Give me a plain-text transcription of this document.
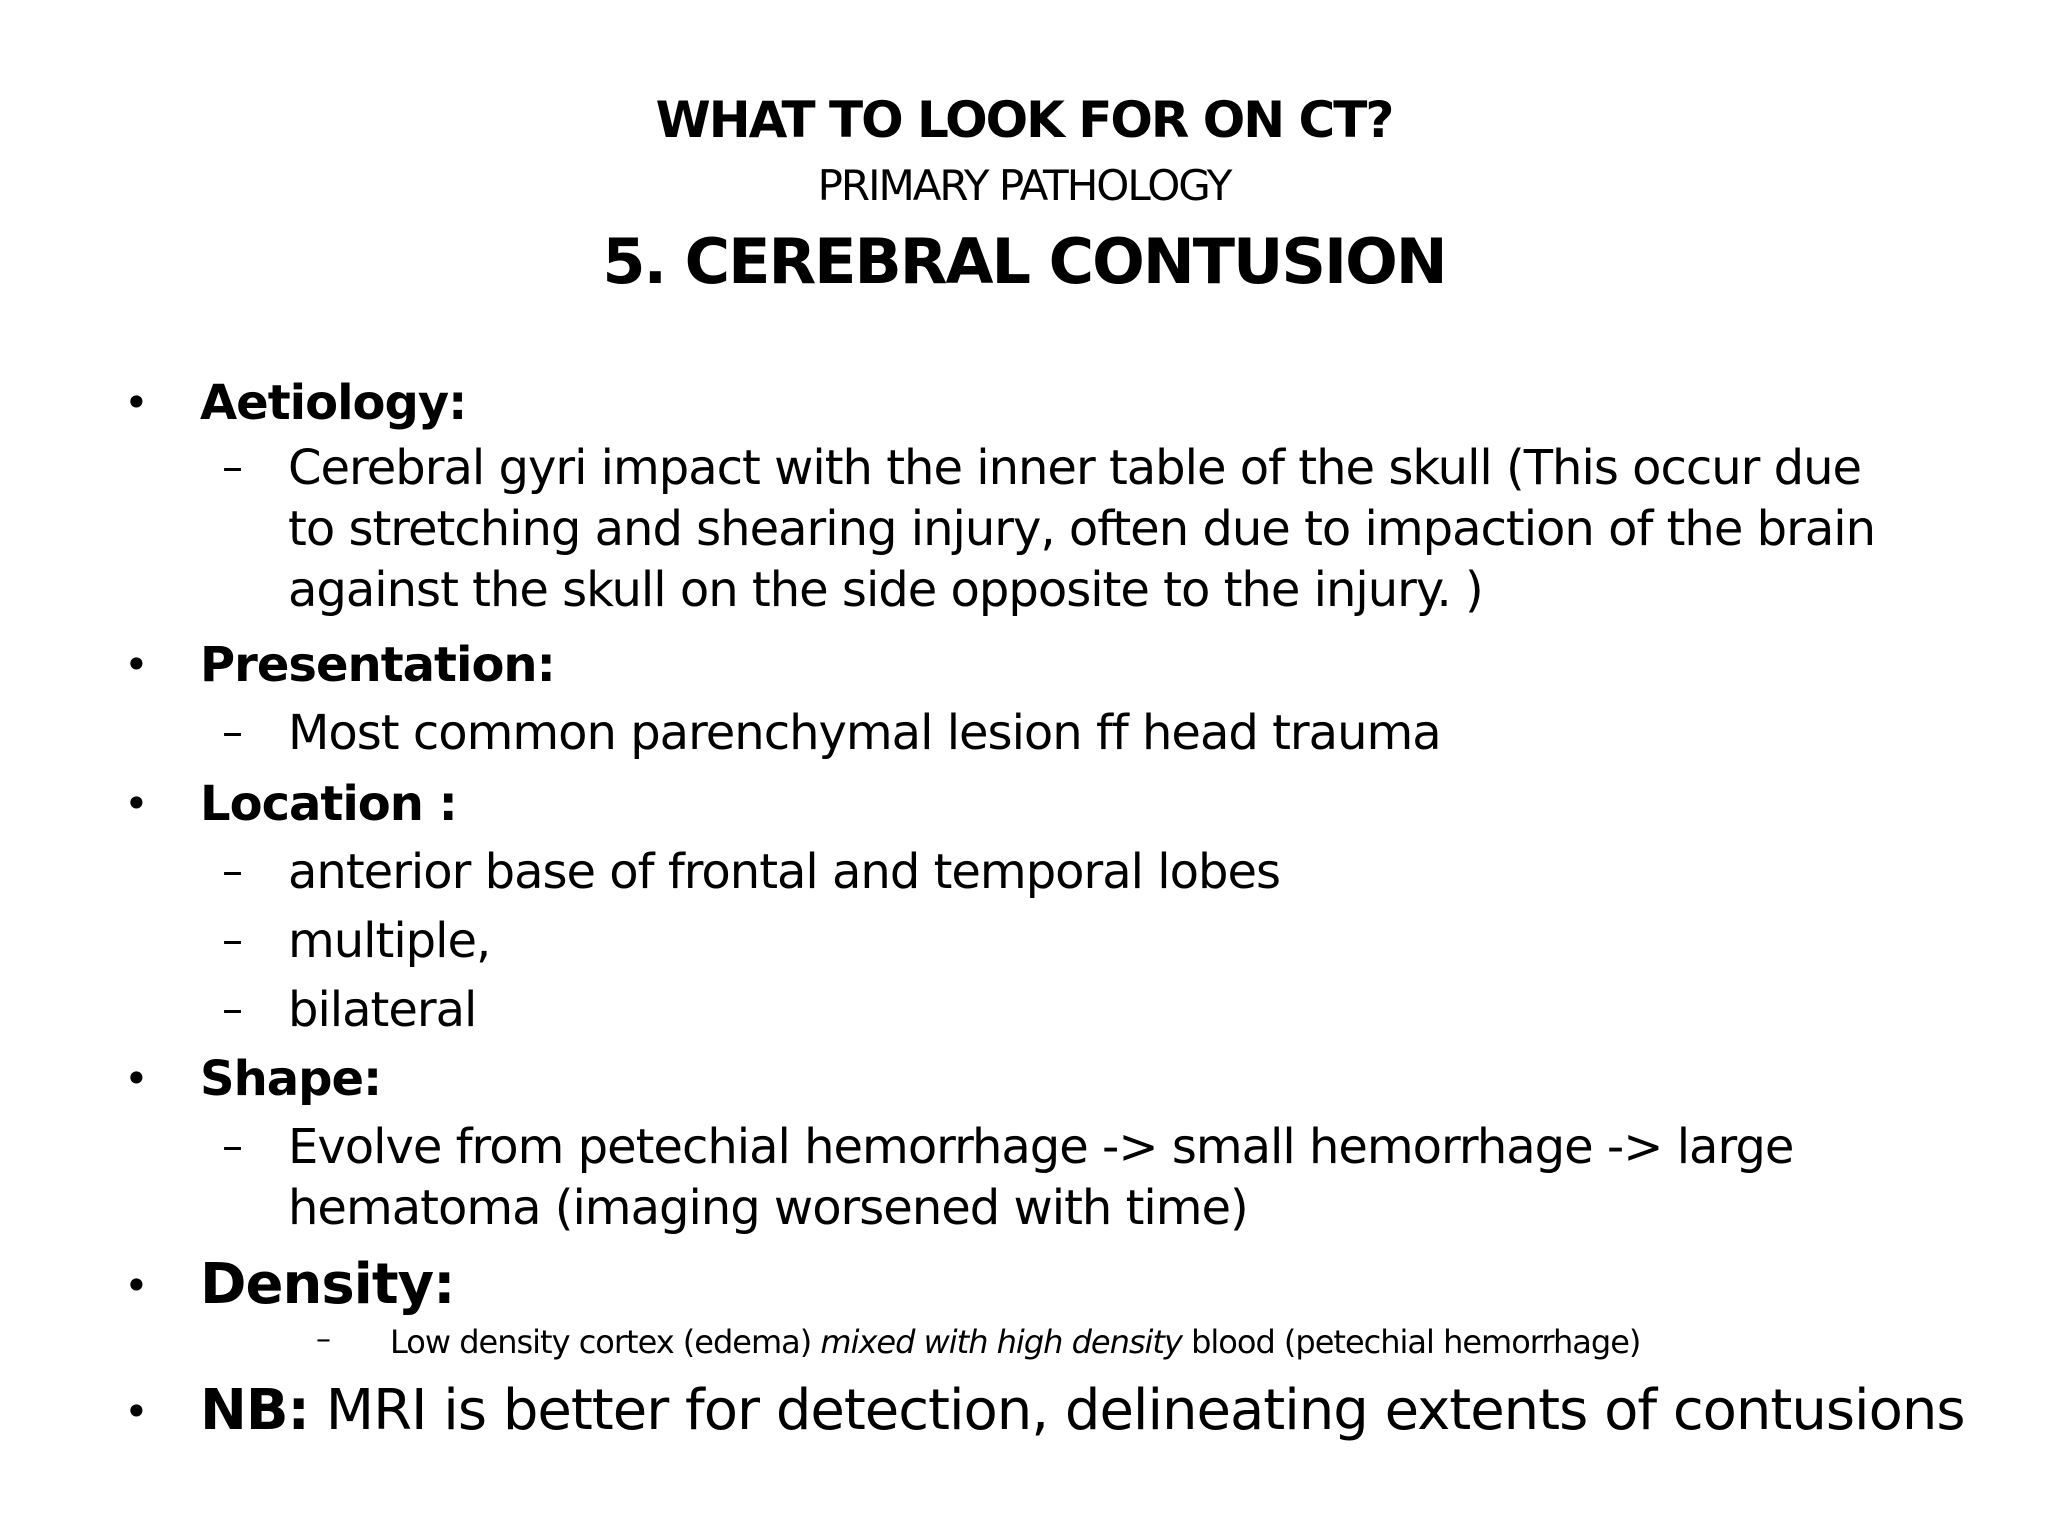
WHAT TO LOOK FOR ON CT?
PRIMARY PATHOLOGY
5. CEREBRAL CONTUSION
• Aetiology:
– Cerebral gyri impact with the inner table of the skull (This occur due
to stretching and shearing injury, often due to impaction of the brain
against the skull on the side opposite to the injury. )
• Presentation:
– Most common parenchymal lesion ff head trauma
• Location :
– anterior base of frontal and temporal lobes
– multiple,
– bilateral
• Shape:
– Evolve from petechial hemorrhage -> small hemorrhage -> large
hematoma (imaging worsened with time)
• Density:
– Low density cortex (edema) mixed with high density blood (petechial hemorrhage)
• NB: MRI is better for detection, delineating extents of contusions
